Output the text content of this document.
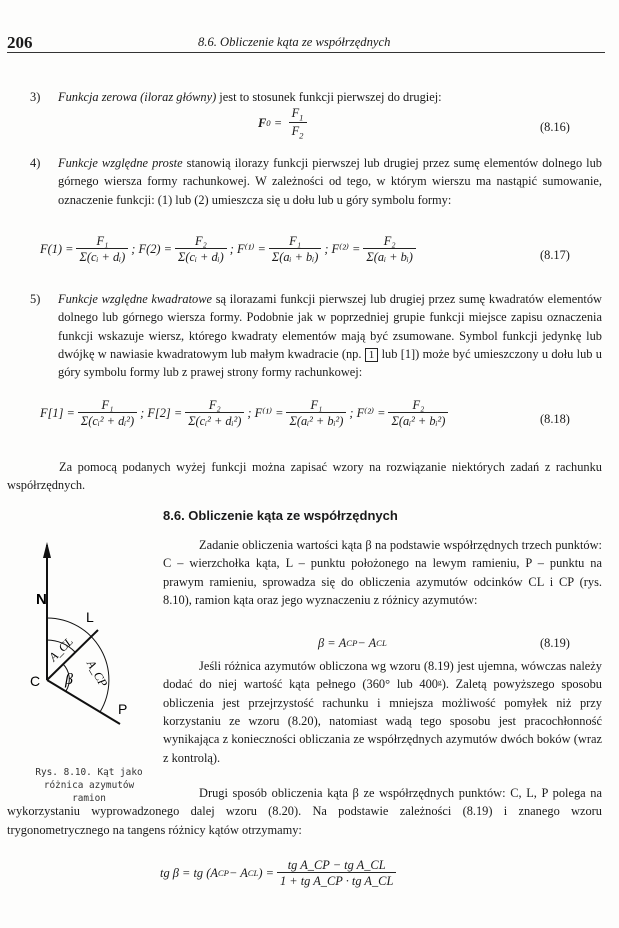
206	8.6. Obliczenie kąta ze współrzędnych
3) Funkcja zerowa (iloraz główny) jest to stosunek funkcji pierwszej do drugiej:
F $0 = \frac{F_1}{F_2}$	(8.16)
4) Funkcje względne proste stanowią ilorazy funkcji pierwszej lub drugiej przez sumę elementów dolnego lub górnego wiersza formy rachunkowej. W zależności od tego, w którym wierszu ma nastąpić sumowanie, oznaczenie funkcji: (1) lub (2) umieszcza się u dołu lub u góry symbolu formy:
$F(1) = \frac{\text{F₁}}{\text{Σ(cᵢ + dᵢ)}}$ ; $F(2) = \frac{\text{F₂}}{\text{Σ(cᵢ + dᵢ)}}$ ; $F^{(1)} = \frac{\text{F₁}}{\text{Σ(aᵢ + bᵢ)}}$ ; $F^{(2)} = \frac{\text{F₂}}{\text{Σ(aᵢ + bᵢ)}}$	(8.17)
5) Funkcje względne kwadratowe są ilorazami funkcji pierwszej lub drugiej przez sumę kwadratów elementów dolnego lub górnego wiersza formy. Podobnie jak w poprzedniej grupie funkcji miejsce zapisu oznaczenia funkcji wskazuje wiersz, którego kwadraty elementów mają być zsumowane. Symbol funkcji jedynkę lub dwójkę w nawiasie kwadratowym lub małym kwadracie (np. 1 lub [1]) może być umieszczony u dołu lub u góry symbolu formy lub z prawej strony formy rachunkowej:
$F[1] = \frac{\text{F₁}}{\text{Σ(cᵢ² + dᵢ²)}}$ ; $F[2] = \frac{\text{F₂}}{\text{Σ(cᵢ² + dᵢ²)}}$ ; $F^{(1)} = \frac{\text{F₁}}{\text{Σ(aᵢ² + bᵢ²)}}$ ; $F^{(2)} = \frac{\text{F₂}}{\text{Σ(aᵢ² + bᵢ²)}}$	(8.18)
Za pomocą podanych wyżej funkcji można zapisać wzory na rozwiązanie niektórych zadań z rachunku współrzędnych.
8.6. Obliczenie kąta ze współrzędnych
Zadanie obliczenia wartości kąta β na podstawie współrzędnych trzech punktów: C – wierzchołka kąta, L – punktu położonego na lewym ramieniu, P – punktu na prawym ramieniu, sprowadza się do obliczenia azymutów odcinków CL i CP (rys. 8.10), ramion kąta oraz jego wyznaczeniu z różnicy azymutów:
β = A CP − A CL	(8.19)
Jeśli różnica azymutów obliczona wg wzoru (8.19) jest ujemna, wówczas należy dodać do niej wartość kąta pełnego (360° lub 400ᵍ). Zaletą powyższego sposobu obliczenia jest przejrzystość rachunku i mniejsza możliwość pomyłek niż przy korzystaniu ze wzoru (8.20), natomiast wadą tego sposobu jest pracochłonność wynikająca z konieczności obliczania ze współrzędnych azymutów dwóch boków (wraz z kontrolą).
N
L
C
P
β
A_CL
A_CP
Rys. 8.10. Kąt jako różnica azymutów ramion	Drugi sposób obliczenia kąta β ze współrzędnych punktów: C, L, P polega na wykorzystaniu wyprowadzonego dalej wzoru (8.20). Na podstawie zależności (8.19) i znanego wzoru trygonometrycznego na tangens różnicy kątów otrzymamy:
tg β = tg (A CP − A CL ) = $\frac{\text{tg A\_CP − tg A\_CL}}{\text{1 + tg A\_CP · tg A\_CL}}$
